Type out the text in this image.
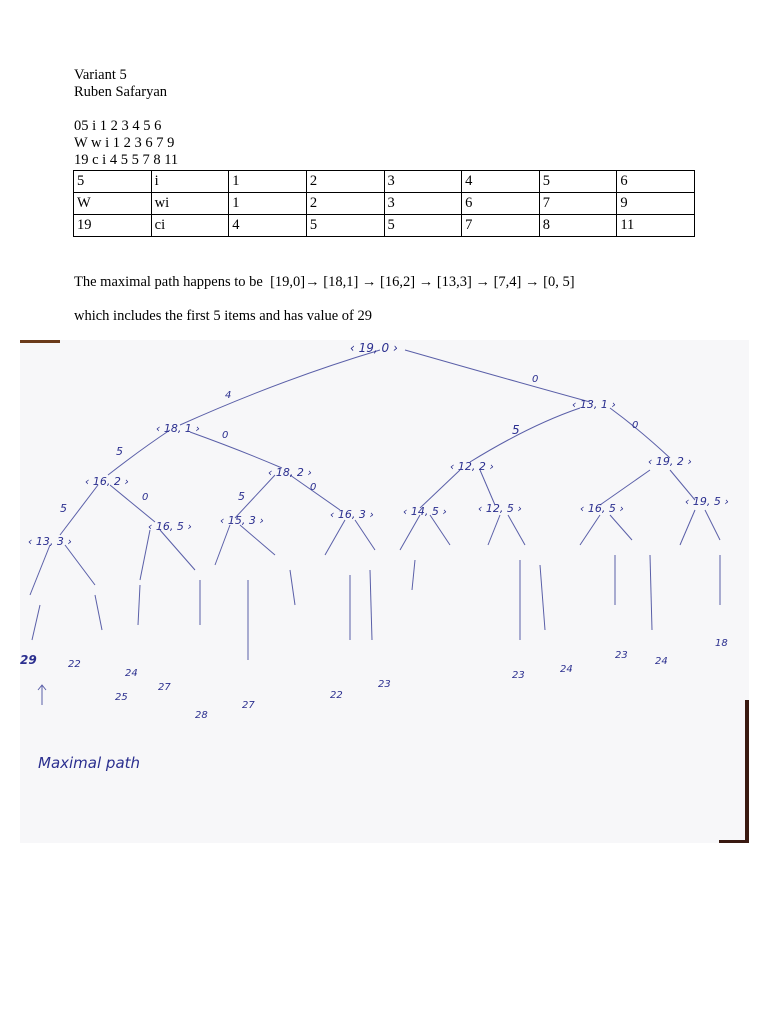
Variant 5
Ruben Safaryan
05 i 1 2 3 4 5 6
W w i 1 2 3 6 7 9
19 c i 4 5 5 7 8 11
5	i	1	2	3	4	5	6
W	wi	1	2	3	6	7	9
19	ci	4	5	5	7	8	11
The maximal path happens to be  [19,0]→ [18,1] → [16,2] → [13,3] → [7,4] → [0, 5]
which includes the first 5 items and has value of 29
‹ 19, 0 ›
‹ 13, 1 ›
‹ 18, 1 ›
‹ 12, 2 ›	‹ 19, 2 ›
‹ 16, 2 ›
‹ 18, 2 ›
‹ 13, 3 ›
‹ 16, 5 ›	‹ 15, 3 ›	‹ 16, 3 ›	‹ 14, 5 ›	‹ 12, 5 ›	‹ 16, 5 ›
‹ 19, 5 ›
4
0
5
0	5	0
5
0	5
0
29	22
25
24
27
28
27
22
23
23
24
23
24
18
Maximal path
